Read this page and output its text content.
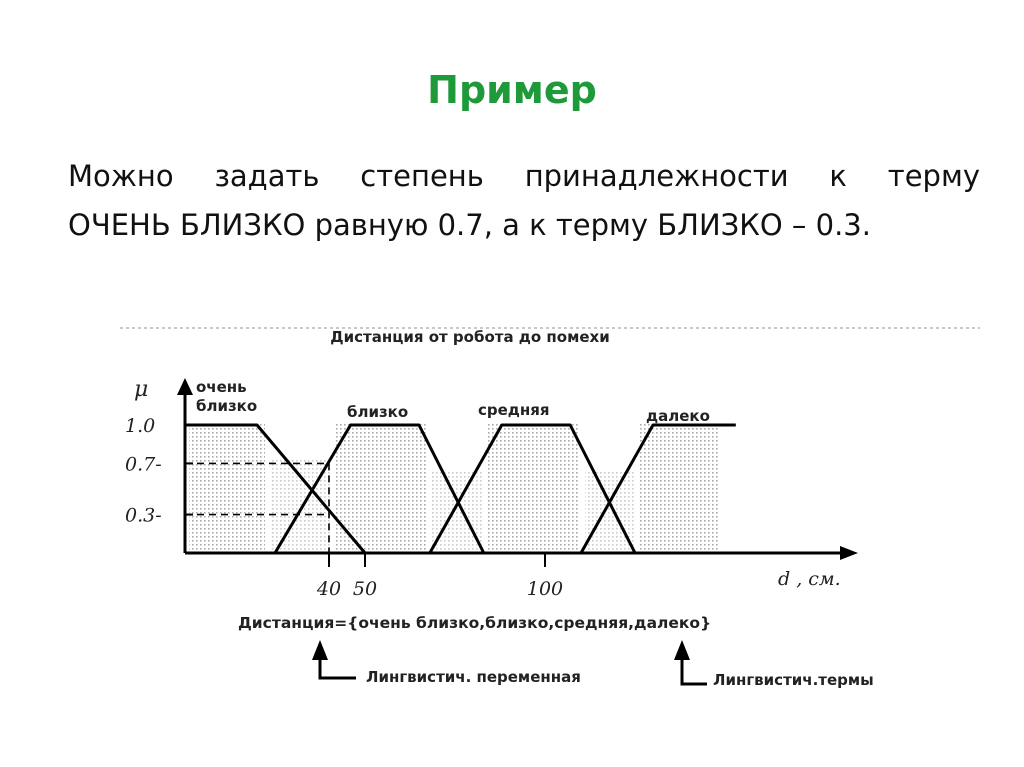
Пример
Можно задать степень принадлежности к терму
ОЧЕНЬ БЛИЗКО равную 0.7, а к терму БЛИЗКО – 0.3.
Дистанция от робота до помехи
μ
1.0
0.7-
0.3-
40 50	100
очень
близко	близко	средняя	далеко
d , см.
Дистанция={очень близко,близко,средняя,далеко}
Лингвистич. переменная	Лингвистич.термы
